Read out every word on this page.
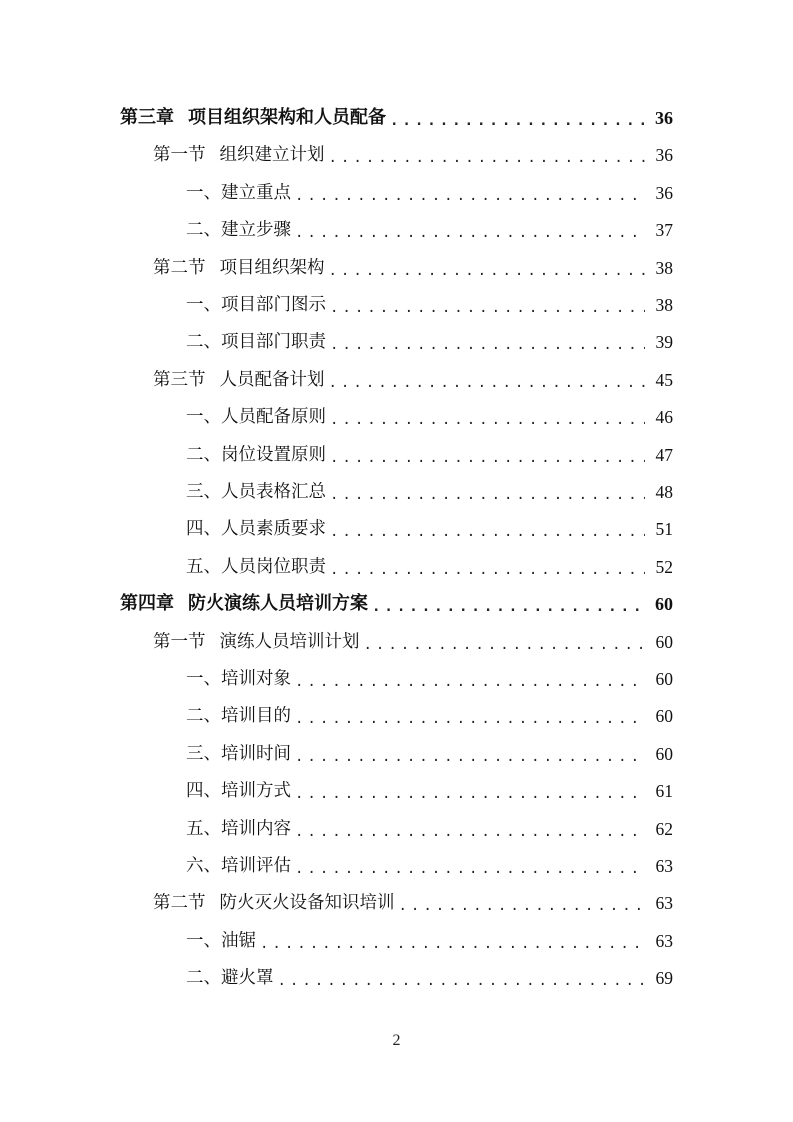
第三章 项目组织架构和人员配备 .....	36
第一节 组织建立计划 .....	36
一、 建立重点 .....	36
二、 建立步骤 .....	37
第二节 项目组织架构 .....	38
一、 项目部门图示 .....	38
二、 项目部门职责 .....	39
第三节 人员配备计划 .....	45
一、 人员配备原则 .....	46
二、 岗位设置原则 .....	47
三、 人员表格汇总 .....	48
四、 人员素质要求 .....	51
五、 人员岗位职责 .....	52
第四章 防火演练人员培训方案 .....	60
第一节 演练人员培训计划 .....	60
一、 培训对象 .....	60
二、 培训目的 .....	60
三、 培训时间 .....	60
四、 培训方式 .....	61
五、 培训内容 .....	62
六、 培训评估 .....	63
第二节 防火灭火设备知识培训 .....	63
一、 油锯 .....	63
二、 避火罩 .....	69
2
